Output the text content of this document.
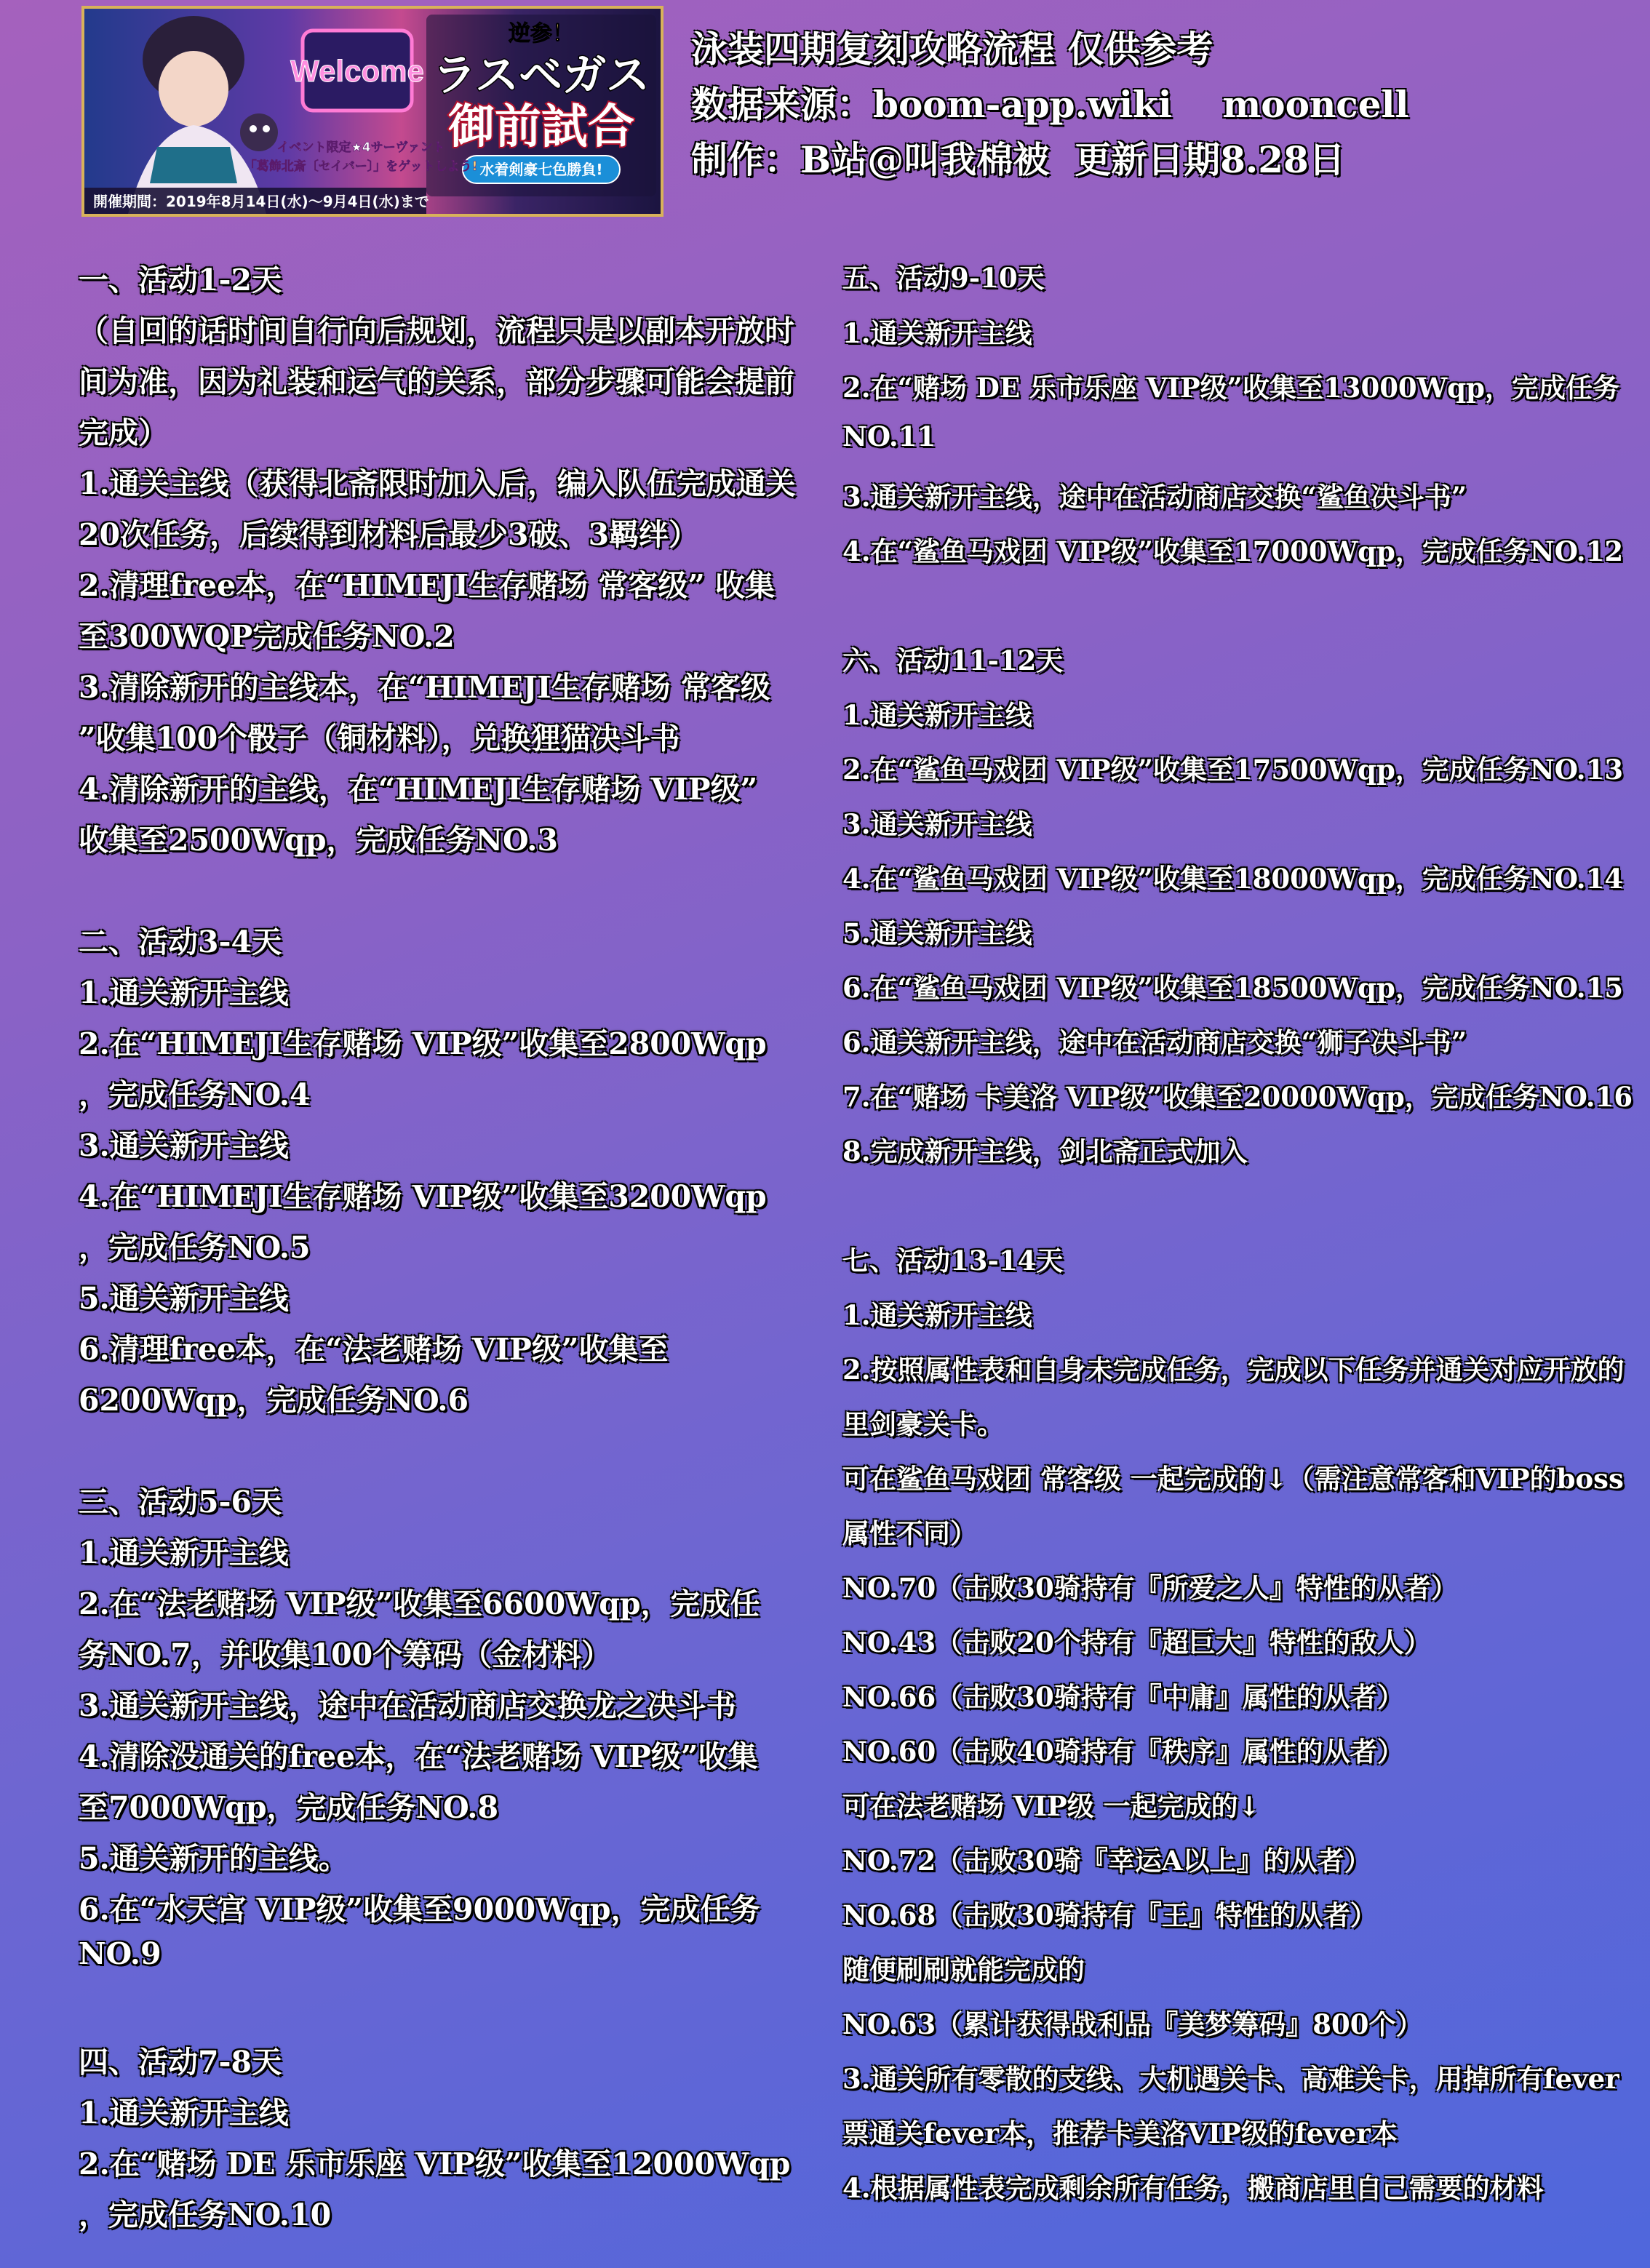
Welcome
逆参！
ラスベガス
御前試合
水着剣豪七色勝負!
イベント限定★4サーヴァント
「葛飾北斎〔セイバー〕」をゲットしよう!
開催期間：2019年8月14日(水)～9月4日(水)まで
泳装四期复刻攻略流程 仅供参考
数据来源：boom-app.wiki    mooncell
制作：B站@叫我棉被  更新日期8.28日
一、活动1-2天
（自回的话时间自行向后规划，流程只是以副本开放时
间为准，因为礼装和运气的关系，部分步骤可能会提前
完成）
1.通关主线（获得北斋限时加入后，编入队伍完成通关
20次任务，后续得到材料后最少3破、3羁绊）
2.清理free本，在“HIMEJI生存赌场 常客级” 收集
至300WQP完成任务NO.2
3.清除新开的主线本，在“HIMEJI生存赌场 常客级
”收集100个骰子（铜材料），兑换狸猫决斗书
4.清除新开的主线，在“HIMEJI生存赌场 VIP级”
收集至2500Wqp，完成任务NO.3
二、活动3-4天
1.通关新开主线
2.在“HIMEJI生存赌场 VIP级”收集至2800Wqp
，完成任务NO.4
3.通关新开主线
4.在“HIMEJI生存赌场 VIP级”收集至3200Wqp
，完成任务NO.5
5.通关新开主线
6.清理free本，在“法老赌场 VIP级”收集至
6200Wqp，完成任务NO.6
三、活动5-6天
1.通关新开主线
2.在“法老赌场 VIP级”收集至6600Wqp，完成任
务NO.7，并收集100个筹码（金材料）
3.通关新开主线，途中在活动商店交换龙之决斗书
4.清除没通关的free本，在“法老赌场 VIP级”收集
至7000Wqp，完成任务NO.8
5.通关新开的主线。
6.在“水天宫 VIP级”收集至9000Wqp，完成任务
NO.9
四、活动7-8天
1.通关新开主线
2.在“赌场 DE 乐市乐座 VIP级”收集至12000Wqp
，完成任务NO.10
五、活动9-10天
1.通关新开主线
2.在“赌场 DE 乐市乐座 VIP级”收集至13000Wqp，完成任务
NO.11
3.通关新开主线，途中在活动商店交换“鲨鱼决斗书”
4.在“鲨鱼马戏团 VIP级”收集至17000Wqp，完成任务NO.12
六、活动11-12天
1.通关新开主线
2.在“鲨鱼马戏团 VIP级”收集至17500Wqp，完成任务NO.13
3.通关新开主线
4.在“鲨鱼马戏团 VIP级”收集至18000Wqp，完成任务NO.14
5.通关新开主线
6.在“鲨鱼马戏团 VIP级”收集至18500Wqp，完成任务NO.15
6.通关新开主线，途中在活动商店交换“狮子决斗书”
7.在“赌场 卡美洛 VIP级”收集至20000Wqp，完成任务NO.16
8.完成新开主线，剑北斋正式加入
七、活动13-14天
1.通关新开主线
2.按照属性表和自身未完成任务，完成以下任务并通关对应开放的
里剑豪关卡。
可在鲨鱼马戏团 常客级 一起完成的↓（需注意常客和VIP的boss
属性不同）
NO.70（击败30骑持有『所爱之人』特性的从者）
NO.43（击败20个持有『超巨大』特性的敌人）
NO.66（击败30骑持有『中庸』属性的从者）
NO.60（击败40骑持有『秩序』属性的从者）
可在法老赌场 VIP级 一起完成的↓
NO.72（击败30骑『幸运A以上』的从者）
NO.68（击败30骑持有『王』特性的从者）
随便刷刷就能完成的
NO.63（累计获得战利品『美梦筹码』800个）
3.通关所有零散的支线、大机遇关卡、高难关卡，用掉所有fever
票通关fever本，推荐卡美洛VIP级的fever本
4.根据属性表完成剩余所有任务，搬商店里自己需要的材料
